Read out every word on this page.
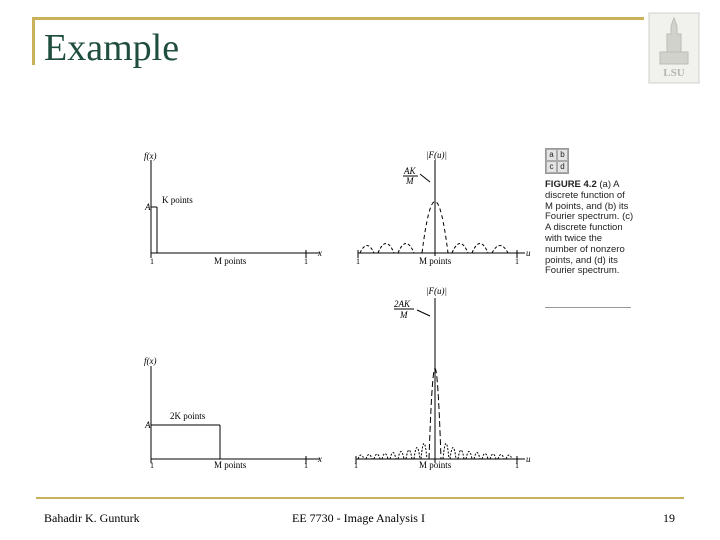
Example
LSU
f(x)
A
K points
M points
x
1	1
|F(u)|
AK
M
M points
u
1	1
f(x)
A
2K points
M points
x
1	1
|F(u)|
2AK
M
M points
u
1	1
a b
c d
FIGURE 4.2 (a) A discrete function of M points, and (b) its Fourier spectrum. (c) A discrete function with twice the number of nonzero points, and (d) its Fourier spectrum.
Bahadir K. Gunturk	EE 7730 - Image Analysis I	19
